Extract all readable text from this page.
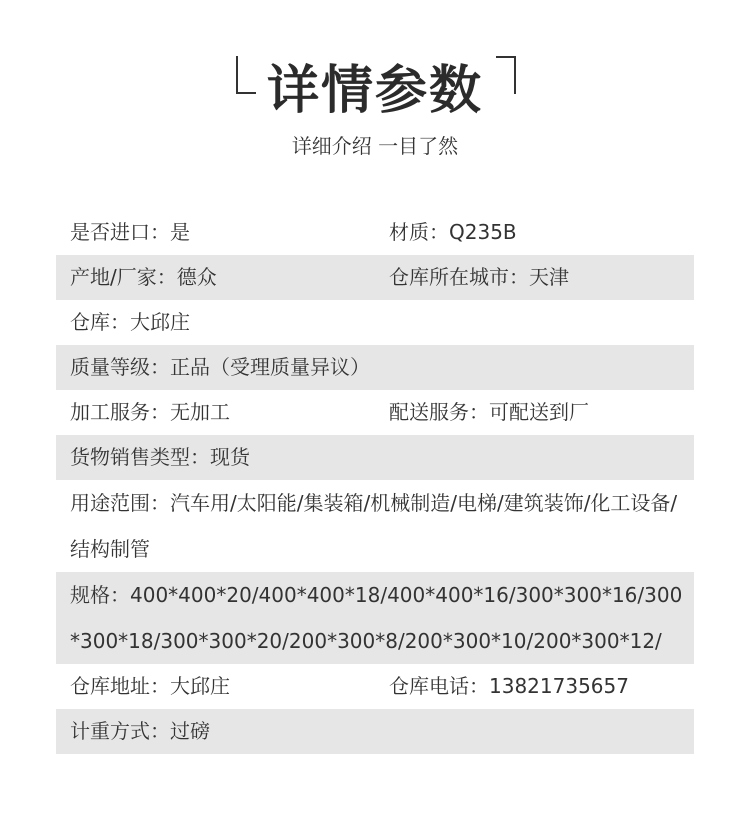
详情参数
详细介绍 一目了然
是否进口：是	材质：Q235B
产地/厂家：德众	仓库所在城市：天津
仓库：大邱庄
质量等级：正品（受理质量异议）
加工服务：无加工	配送服务：可配送到厂
货物销售类型：现货
用途范围：汽车用/太阳能/集装箱/机械制造/电梯/建筑装饰/化工设备/结构制管
规格：400*400*20/400*400*18/400*400*16/300*300*16/300*300*18/300*300*20/200*300*8/200*300*10/200*300*12/
仓库地址：大邱庄	仓库电话：13821735657
计重方式：过磅
